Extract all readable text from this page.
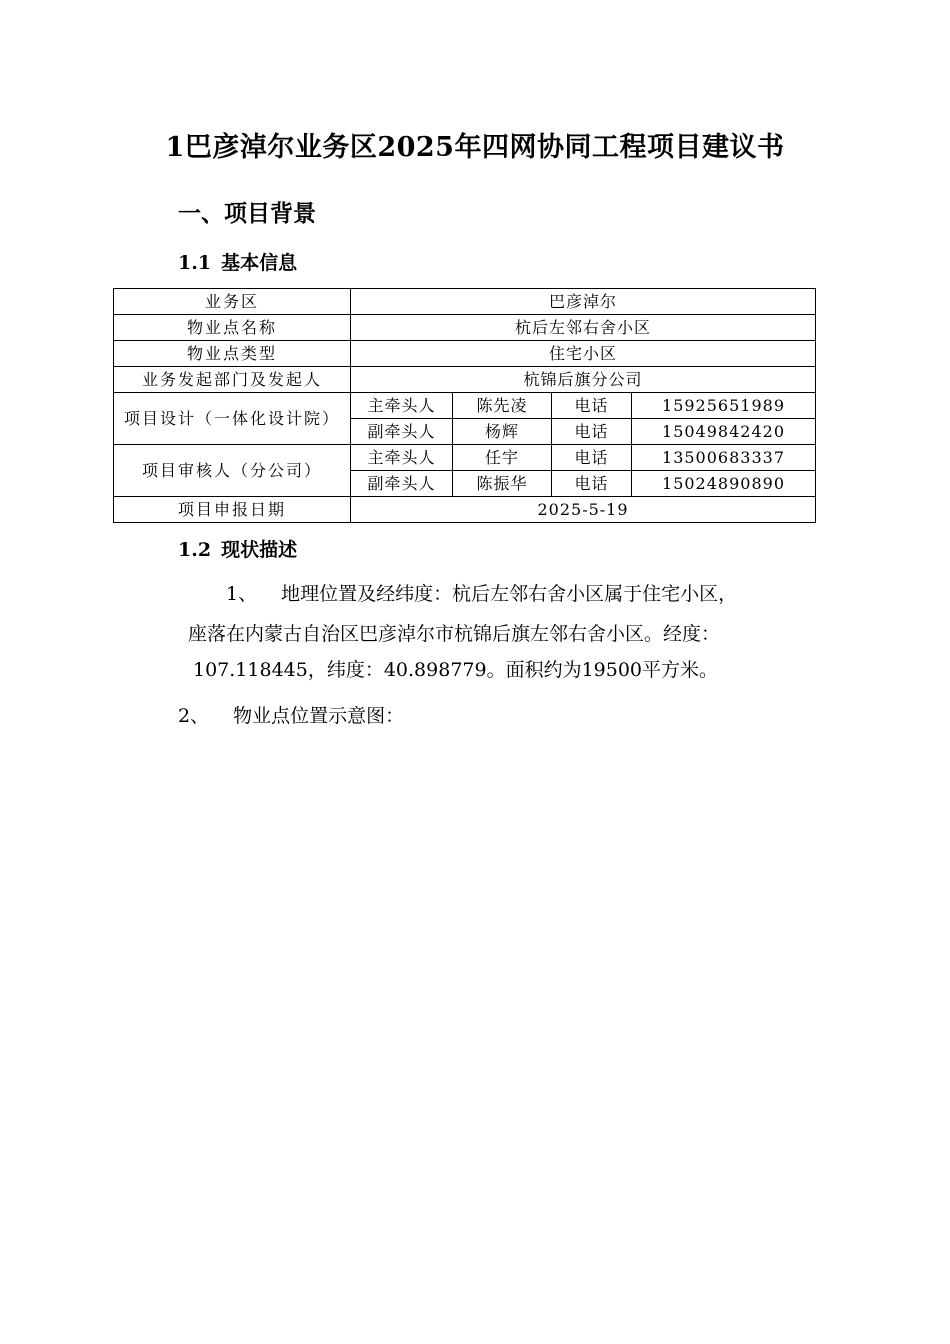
1巴彦淖尔业务区2025年四网协同工程项目建议书
一、项目背景
1.1 基本信息
业务区	巴彦淖尔			
物业点名称	杭后左邻右舍小区			
物业点类型	住宅小区			
业务发起部门及发起人	杭锦后旗分公司			
项目设计（一体化设计院）	主牵头人	陈先凌	电话	15925651989
	副牵头人	杨辉	电话	15049842420
项目审核人（分公司）	主牵头人	任宇	电话	13500683337
	副牵头人	陈振华	电话	15024890890
项目申报日期	2025-5-19			
1.2 现状描述

1、 地理位置及经纬度：杭后左邻右舍小区属于住宅小区，

座落在内蒙古自治区巴彦淖尔市杭锦后旗左邻右舍小区。经度：

107.118445，纬度：40.898779。面积约为19500平方米。

2、 物业点位置示意图：
